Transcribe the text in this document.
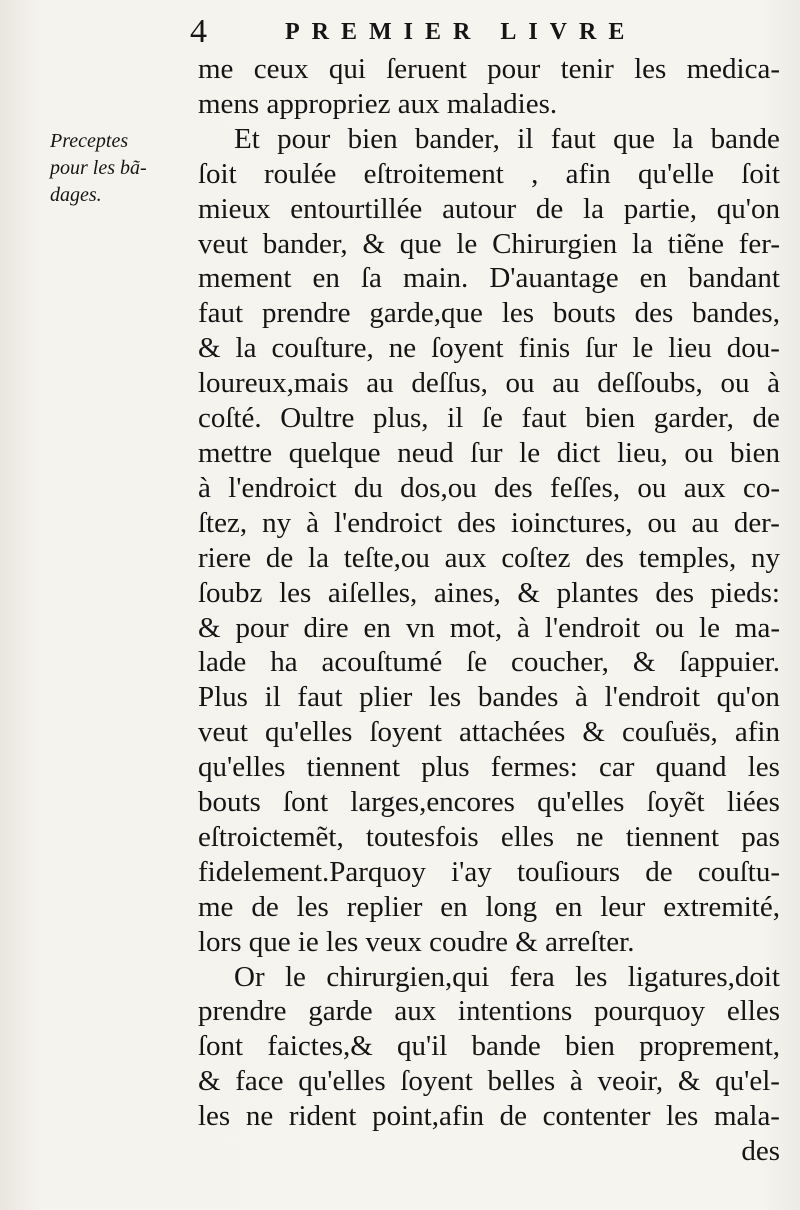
4	PREMIER LIVRE
Preceptes
pour les bã-
dages.
me ceux qui ſeruent pour tenir les medica-
mens appropriez aux maladies.
Et pour bien bander, il faut que la bande
ſoit roulée eſtroitement , afin qu'elle ſoit
mieux entourtillée autour de la partie, qu'on
veut bander, & que le Chirurgien la tiẽne fer-
mement en ſa main. D'auantage en bandant
faut prendre garde,que les bouts des bandes,
& la couſture, ne ſoyent finis ſur le lieu dou-
loureux,mais au deſſus, ou au deſſoubs, ou à
coſté. Oultre plus, il ſe faut bien garder, de
mettre quelque neud ſur le dict lieu, ou bien
à l'endroict du dos,ou des feſſes, ou aux co-
ſtez, ny à l'endroict des ioinctures, ou au der-
riere de la teſte,ou aux coſtez des temples, ny
ſoubz les aiſelles, aines, & plantes des pieds:
& pour dire en vn mot, à l'endroit ou le ma-
lade ha acouſtumé ſe coucher, & ſappuier.
Plus il faut plier les bandes à l'endroit qu'on
veut qu'elles ſoyent attachées & couſuës, afin
qu'elles tiennent plus fermes: car quand les
bouts ſont larges,encores qu'elles ſoyẽt liées
eſtroictemẽt, toutesfois elles ne tiennent pas
fidelement.Parquoy i'ay touſiours de couſtu-
me de les replier en long en leur extremité,
lors que ie les veux coudre & arreſter.
Or le chirurgien,qui fera les ligatures,doit
prendre garde aux intentions pourquoy elles
ſont faictes,& qu'il bande bien proprement,
& face qu'elles ſoyent belles à veoir, & qu'el-
les ne rident point,afin de contenter les mala-
des
